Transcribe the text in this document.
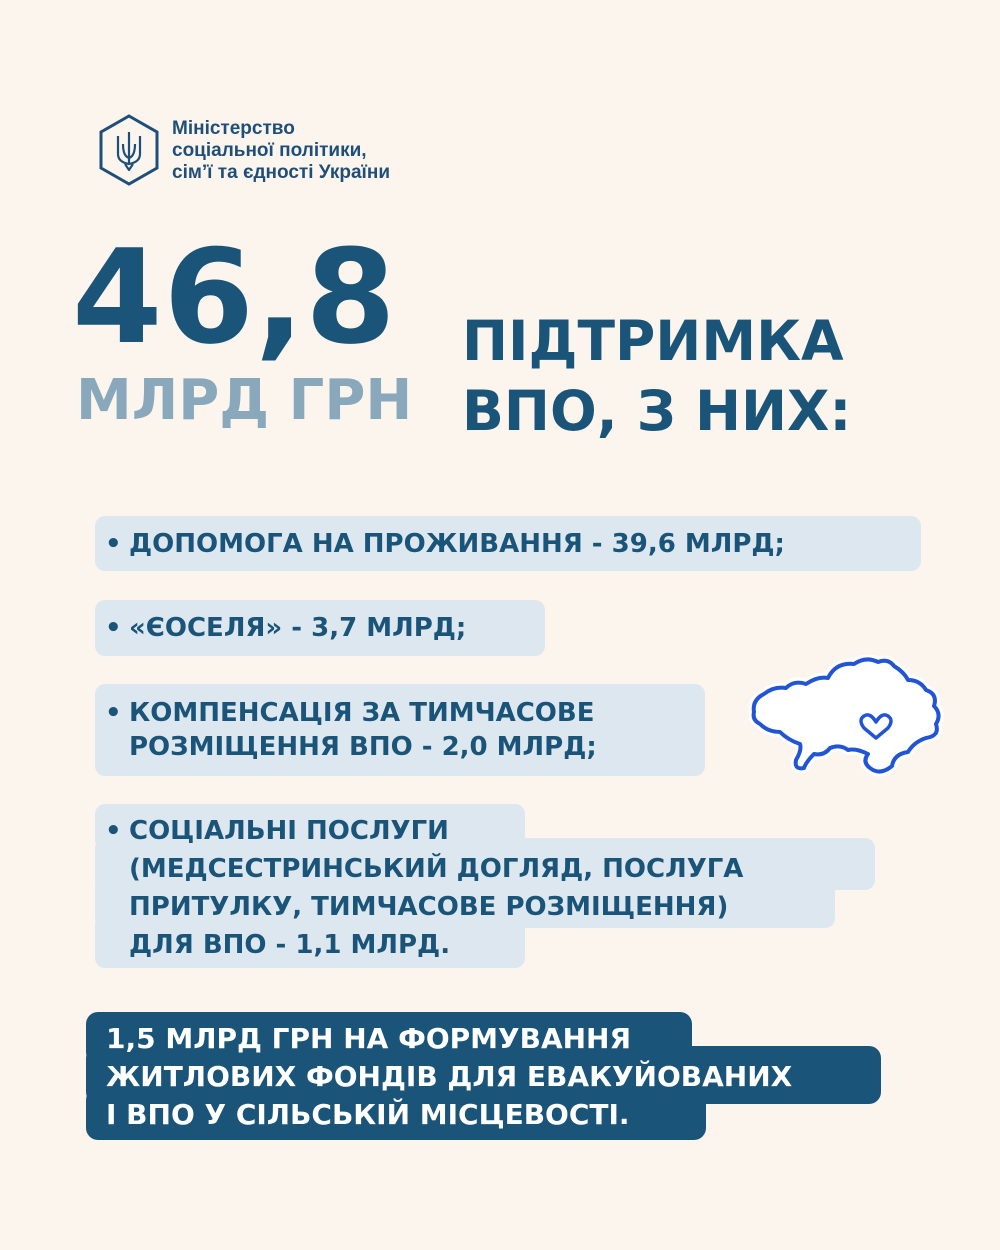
Міністерство
соціальної політики,
сім’ї та єдності України
46,8
МЛРД ГРН
ПІДТРИМКА
ВПО, З НИХ:
• ДОПОМОГА НА ПРОЖИВАННЯ - 39,6 МЛРД;
• «ЄОСЕЛЯ» - 3,7 МЛРД;
• КОМПЕНСАЦІЯ ЗА ТИМЧАСОВЕ
РОЗМІЩЕННЯ ВПО - 2,0 МЛРД;
• СОЦІАЛЬНІ ПОСЛУГИ
(МЕДСЕСТРИНСЬКИЙ ДОГЛЯД, ПОСЛУГА
ПРИТУЛКУ, ТИМЧАСОВЕ РОЗМІЩЕННЯ)
ДЛЯ ВПО - 1,1 МЛРД.
1,5 МЛРД ГРН НА ФОРМУВАННЯ
ЖИТЛОВИХ ФОНДІВ ДЛЯ ЕВАКУЙОВАНИХ
І ВПО У СІЛЬСЬКІЙ МІСЦЕВОСТІ.
